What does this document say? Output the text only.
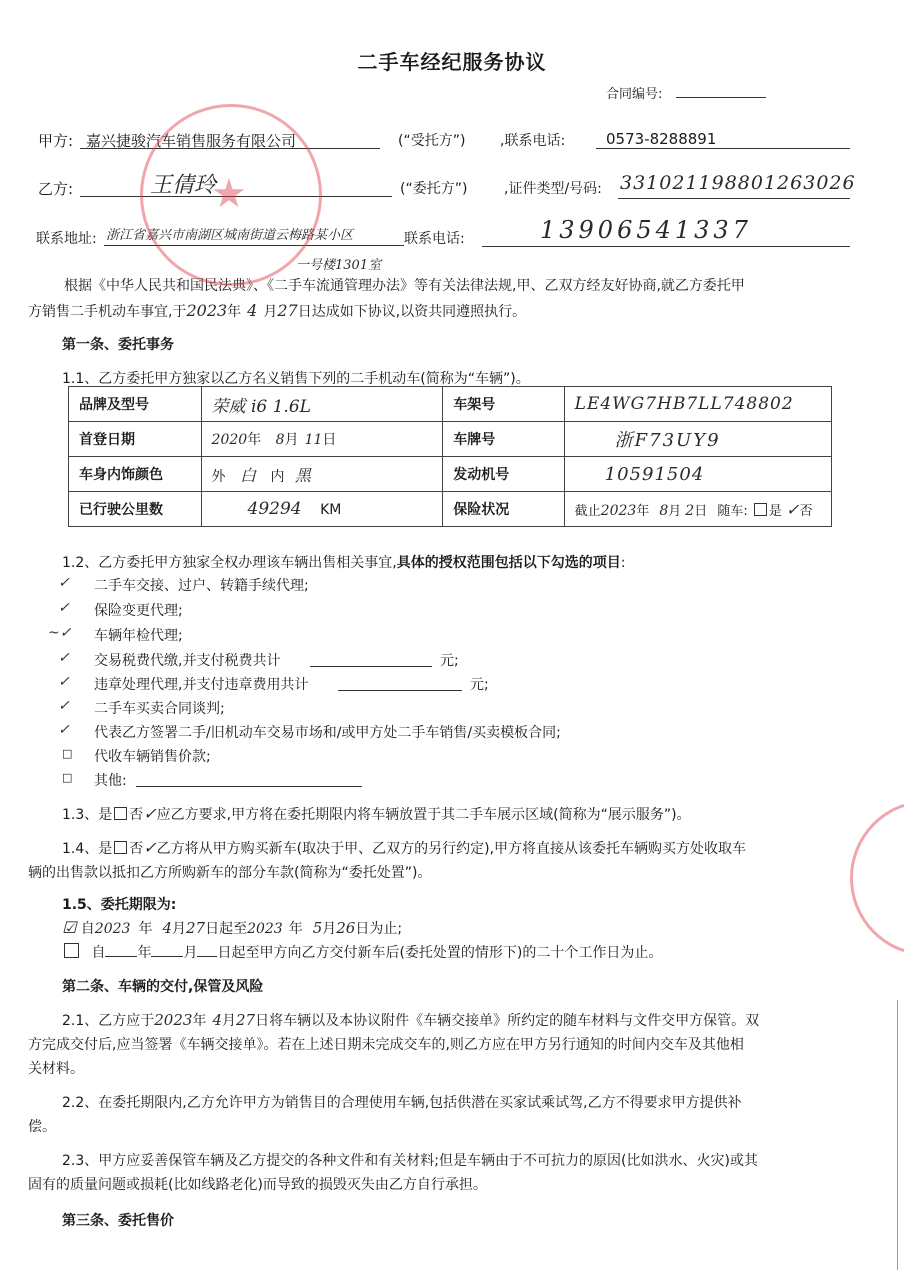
二手车经纪服务协议
合同编号:
甲方: 嘉兴捷骏汽车销售服务有限公司	(“受托方”) ,联系电话:	0573-8288891
乙方:	王倩玲	(“委托方”)	,证件类型/号码: 331021198801263026
联系地址: 浙江省嘉兴市南湖区城南街道云梅路某小区
一号楼1301室
联系电话:	13906541337
根据《中华人民共和国民法典》、《二手车流通管理办法》等有关法律法规,甲、乙双方经友好协商,就乙方委托甲
方销售二手机动车事宜,于2023年 4 月27日达成如下协议,以资共同遵照执行。
第一条、委托事务
1.1、乙方委托甲方独家以乙方名义销售下列的二手机动车(简称为“车辆”)。
品牌及型号	荣威 i6 1.6L	车架号	LE4WG7HB7LL748802
首登日期	2020年 8月 11日	车牌号	浙F73UY9
车身内饰颜色	外 白 内 黑	发动机号	10591504
已行驶公里数	49294 KM	保险状况	截止2023年 8月 2日 随车: 是 ✓否
1.2、乙方委托甲方独家全权办理该车辆出售相关事宜,具体的授权范围包括以下勾选的项目:
✓ 二手车交接、过户、转籍手续代理;
✓ 保险变更代理;
~✓ 车辆年检代理;
✓ 交易税费代缴,并支付税费共计	元;
✓ 违章处理代理,并支付违章费用共计	元;
✓ 二手车买卖合同谈判;
✓ 代表乙方签署二手/旧机动车交易市场和/或甲方处二手车销售/买卖模板合同;
□ 代收车辆销售价款;
□ 其他:
1.3、是 否✓应乙方要求,甲方将在委托期限内将车辆放置于其二手车展示区域(简称为“展示服务”)。
1.4、是 否✓乙方将从甲方购买新车(取决于甲、乙双方的另行约定),甲方将直接从该委托车辆购买方处收取车
辆的出售款以抵扣乙方所购新车的部分车款(简称为“委托处置”)。
1.5、委托期限为:
☑ 自2023 年 4月27日起至2023 年 5月26日为止;
自 年 月 日起至甲方向乙方交付新车后(委托处置的情形下)的二十个工作日为止。
第二条、车辆的交付,保管及风险
2.1、乙方应于2023年 4月27日将车辆以及本协议附件《车辆交接单》所约定的随车材料与文件交甲方保管。双
方完成交付后,应当签署《车辆交接单》。若在上述日期未完成交车的,则乙方应在甲方另行通知的时间内交车及其他相
关材料。
2.2、在委托期限内,乙方允许甲方为销售目的合理使用车辆,包括供潜在买家试乘试驾,乙方不得要求甲方提供补
偿。
2.3、甲方应妥善保管车辆及乙方提交的各种文件和有关材料;但是车辆由于不可抗力的原因(比如洪水、火灾)或其
固有的质量问题或损耗(比如线路老化)而导致的损毁灭失由乙方自行承担。
第三条、委托售价
★
